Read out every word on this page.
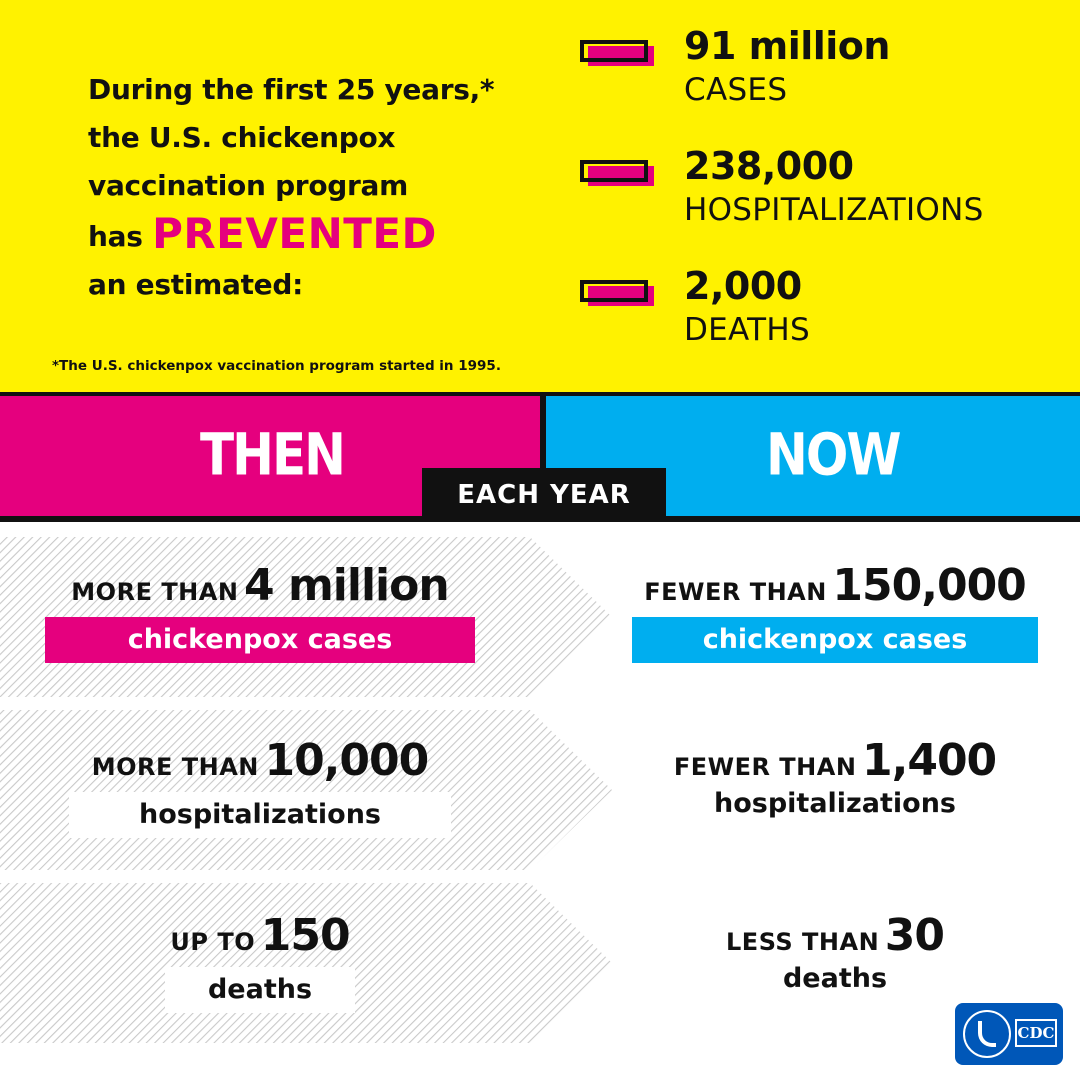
During the first 25 years,*
the U.S. chickenpox
vaccination program
has PREVENTED
an estimated:
*The U.S. chickenpox vaccination program started in 1995.
91 million
CASES
238,000
HOSPITALIZATIONS
2,000
DEATHS
THEN	NOW
EACH YEAR
MORE THAN 4 million
chickenpox cases
MORE THAN 10,000
hospitalizations
UP TO 150
deaths
FEWER THAN 150,000
chickenpox cases
FEWER THAN 1,400
hospitalizations
LESS THAN 30
deaths
CDC
